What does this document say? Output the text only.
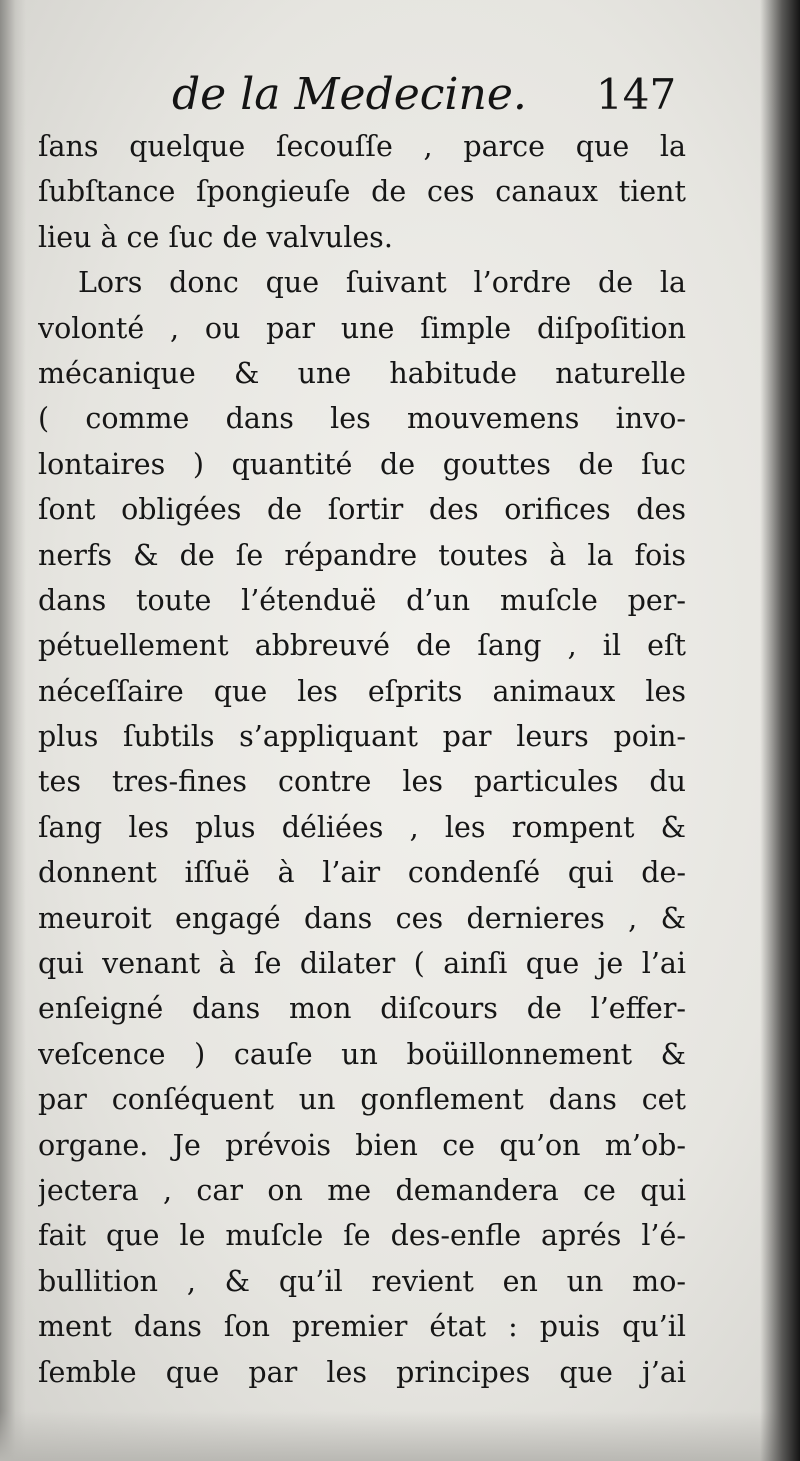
de la Medecine. 147
ſans quelque ſecouſſe , parce que la
ſubſtance ſpongieuſe de ces canaux tient
lieu à ce ſuc de valvules.
Lors donc que ſuivant l’ordre de la
volonté , ou par une ſimple diſpoſition
mécanique & une habitude naturelle
( comme dans les mouvemens invo-
lontaires ) quantité de gouttes de ſuc
ſont obligées de ſortir des orifices des
nerfs & de ſe répandre toutes à la fois
dans toute l’étenduë d’un muſcle per-
pétuellement abbreuvé de ſang , il eſt
néceſſaire que les eſprits animaux les
plus ſubtils s’appliquant par leurs poin-
tes tres-fines contre les particules du
ſang les plus déliées , les rompent &
donnent iſſuë à l’air condenſé qui de-
meuroit engagé dans ces dernieres , &
qui venant à ſe dilater ( ainſi que je l’ai
enſeigné dans mon diſcours de l’effer-
veſcence ) cauſe un boüillonnement &
par conſéquent un gonflement dans cet
organe. Je prévois bien ce qu’on m’ob-
jectera , car on me demandera ce qui
fait que le muſcle ſe des-enfle aprés l’é-
bullition , & qu’il revient en un mo-
ment dans ſon premier état : puis qu’il
ſemble que par les principes que j’ai
